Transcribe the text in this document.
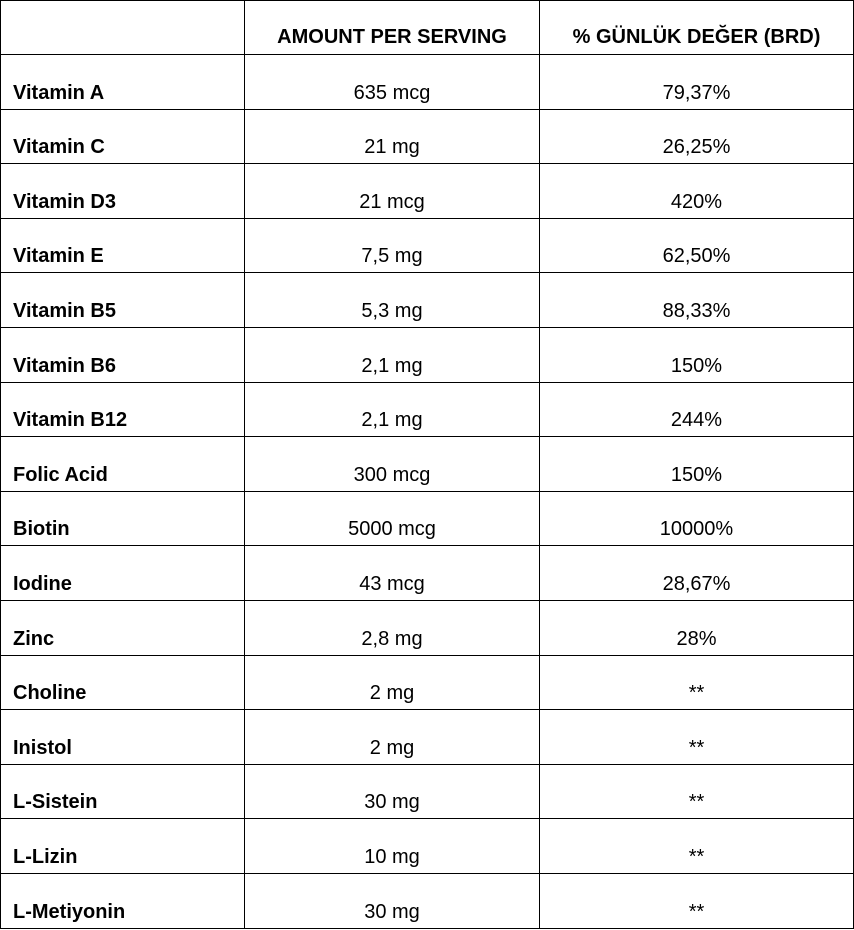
	AMOUNT PER SERVING	% GÜNLÜK DEĞER (BRD)
Vitamin A	635 mcg	79,37%
Vitamin C	21 mg	26,25%
Vitamin D3	21 mcg	420%
Vitamin E	7,5 mg	62,50%
Vitamin B5	5,3 mg	88,33%
Vitamin B6	2,1 mg	150%
Vitamin B12	2,1 mg	244%
Folic Acid	300 mcg	150%
Biotin	5000 mcg	10000%
Iodine	43 mcg	28,67%
Zinc	2,8 mg	28%
Choline	2 mg	**
Inistol	2 mg	**
L-Sistein	30 mg	**
L-Lizin	10 mg	**
L-Metiyonin	30 mg	**
